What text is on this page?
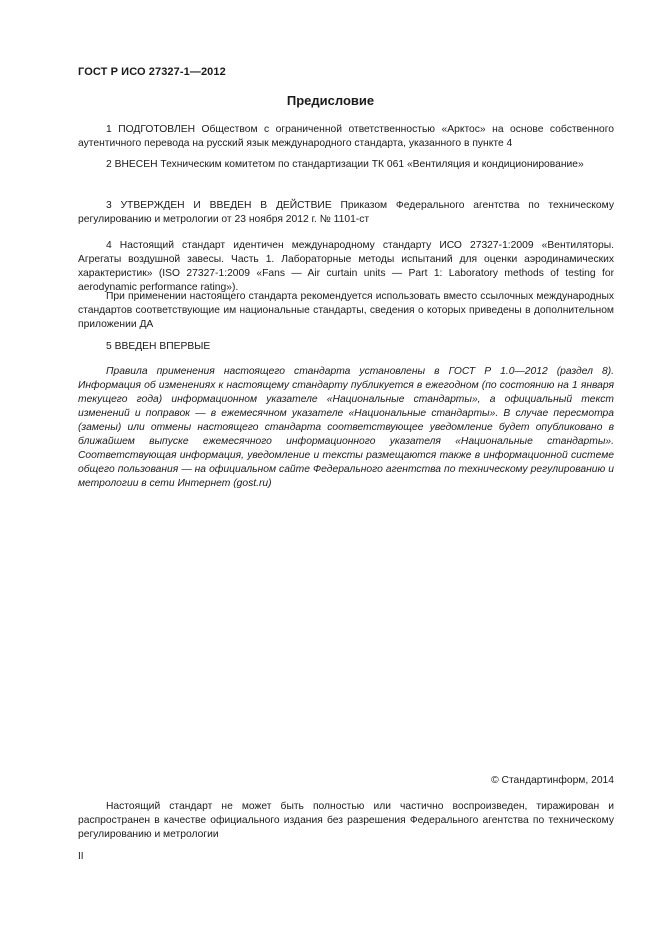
ГОСТ Р ИСО 27327-1—2012
Предисловие

1 ПОДГОТОВЛЕН Обществом с ограниченной ответственностью «Арктос» на основе собственного аутентичного перевода на русский язык международного стандарта, указанного в пункте 4

2 ВНЕСЕН Техническим комитетом по стандартизации ТК 061 «Вентиляция и кондиционирование»

3 УТВЕРЖДЕН И ВВЕДЕН В ДЕЙСТВИЕ Приказом Федерального агентства по техническому регулированию и метрологии от 23 ноября 2012 г. № 1101-ст

4 Настоящий стандарт идентичен международному стандарту ИСО 27327-1:2009 «Вентиляторы. Агрегаты воздушной завесы. Часть 1. Лабораторные методы испытаний для оценки аэродинамических характеристик» (ISO 27327-1:2009 «Fans — Air curtain units — Part 1: Laboratory methods of testing for aerodynamic performance rating»).

При применении настоящего стандарта рекомендуется использовать вместо ссылочных международных стандартов соответствующие им национальные стандарты, сведения о которых приведены в дополнительном приложении ДА

5 ВВЕДЕН ВПЕРВЫЕ

Правила применения настоящего стандарта установлены в ГОСТ Р 1.0—2012 (раздел 8). Информация об изменениях к настоящему стандарту публикуется в ежегодном (по состоянию на 1 января текущего года) информационном указателе «Национальные стандарты», а официальный текст изменений и поправок — в ежемесячном указателе «Национальные стандарты». В случае пересмотра (замены) или отмены настоящего стандарта соответствующее уведомление будет опубликовано в ближайшем выпуске ежемесячного информационного указателя «Национальные стандарты». Соответствующая информация, уведомление и тексты размещаются также в информационной системе общего пользования — на официальном сайте Федерального агентства по техническому регулированию и метрологии в сети Интернет (gost.ru)

© Стандартинформ, 2014

Настоящий стандарт не может быть полностью или частично воспроизведен, тиражирован и распространен в качестве официального издания без разрешения Федерального агентства по техническому регулированию и метрологии

II
